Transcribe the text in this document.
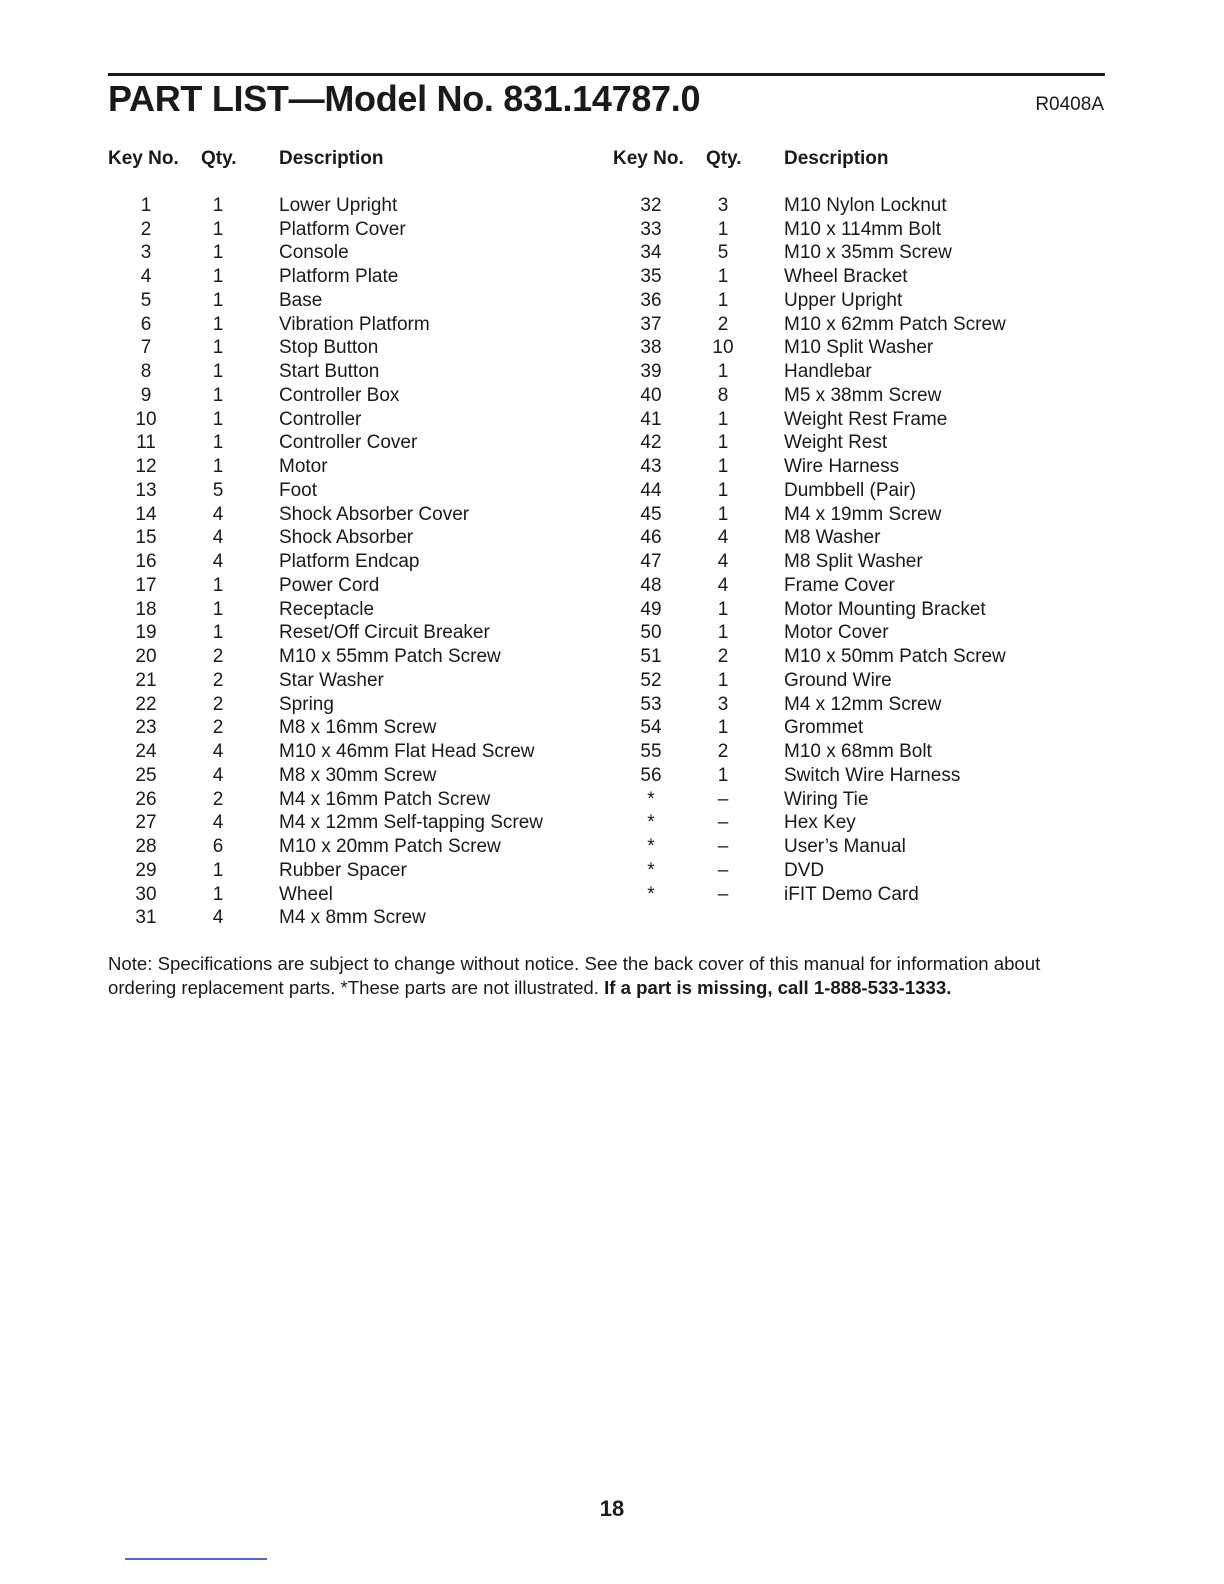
PART LIST—Model No. 831.14787.0	R0408A
Key No.	Qty.	Description
1	1	Lower Upright
2	1	Platform Cover
3	1	Console
4	1	Platform Plate
5	1	Base
6	1	Vibration Platform
7	1	Stop Button
8	1	Start Button
9	1	Controller Box
10	1	Controller
11	1	Controller Cover
12	1	Motor
13	5	Foot
14	4	Shock Absorber Cover
15	4	Shock Absorber
16	4	Platform Endcap
17	1	Power Cord
18	1	Receptacle
19	1	Reset/Off Circuit Breaker
20	2	M10 x 55mm Patch Screw
21	2	Star Washer
22	2	Spring
23	2	M8 x 16mm Screw
24	4	M10 x 46mm Flat Head Screw
25	4	M8 x 30mm Screw
26	2	M4 x 16mm Patch Screw
27	4	M4 x 12mm Self-tapping Screw
28	6	M10 x 20mm Patch Screw
29	1	Rubber Spacer
30	1	Wheel
31	4	M4 x 8mm Screw
Key No.	Qty.	Description
32	3	M10 Nylon Locknut
33	1	M10 x 114mm Bolt
34	5	M10 x 35mm Screw
35	1	Wheel Bracket
36	1	Upper Upright
37	2	M10 x 62mm Patch Screw
38	10	M10 Split Washer
39	1	Handlebar
40	8	M5 x 38mm Screw
41	1	Weight Rest Frame
42	1	Weight Rest
43	1	Wire Harness
44	1	Dumbbell (Pair)
45	1	M4 x 19mm Screw
46	4	M8 Washer
47	4	M8 Split Washer
48	4	Frame Cover
49	1	Motor Mounting Bracket
50	1	Motor Cover
51	2	M10 x 50mm Patch Screw
52	1	Ground Wire
53	3	M4 x 12mm Screw
54	1	Grommet
55	2	M10 x 68mm Bolt
56	1	Switch Wire Harness
*	–	Wiring Tie
*	–	Hex Key
*	–	User’s Manual
*	–	DVD
*	–	iFIT Demo Card
Note: Specifications are subject to change without notice. See the back cover of this manual for information about ordering replacement parts. *These parts are not illustrated. If a part is missing, call 1-888-533-1333.
18
